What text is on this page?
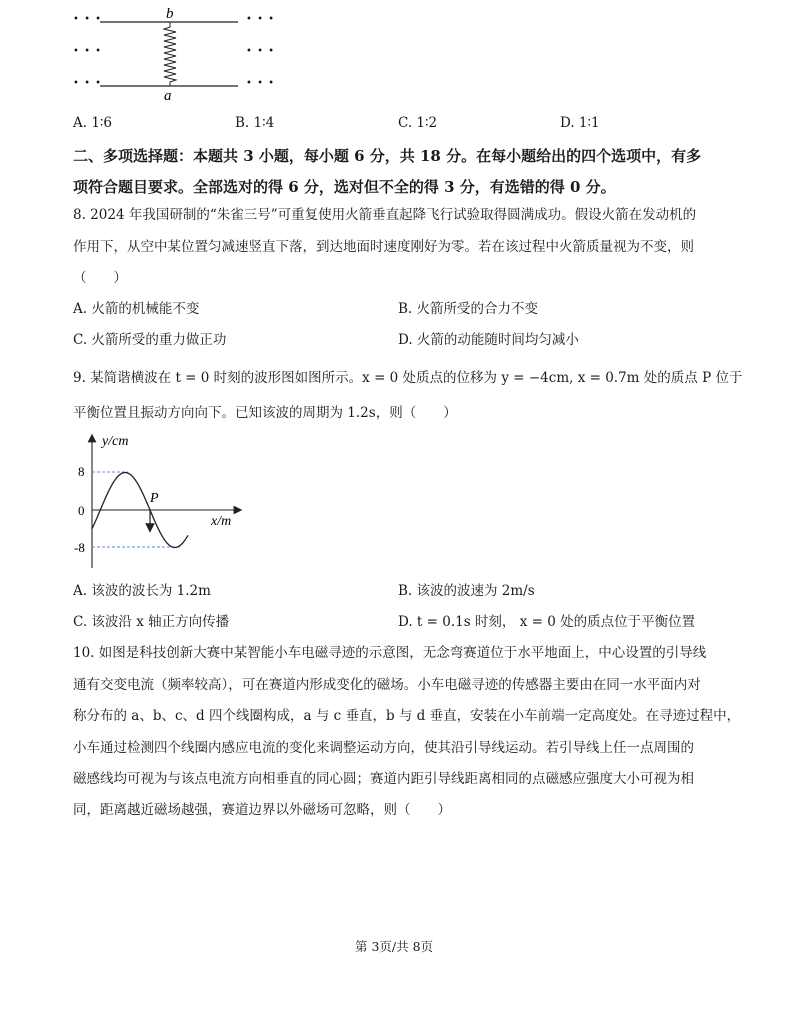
b
a
• • •
• • •
• • •
• • •
• • •
• • •
A. 1∶6	B. 1∶4	C. 1∶2	D. 1∶1
二、多项选择题：本题共 3 小题，每小题 6 分，共 18 分。在每小题给出的四个选项中，有多
项符合题目要求。全部选对的得 6 分，选对但不全的得 3 分，有选错的得 0 分。
8. 2024 年我国研制的“朱雀三号”可重复使用火箭垂直起降飞行试验取得圆满成功。假设火箭在发动机的
作用下，从空中某位置匀减速竖直下落，到达地面时速度刚好为零。若在该过程中火箭质量视为不变，则
（　　）
A. 火箭的机械能不变	B. 火箭所受的合力不变
C. 火箭所受的重力做正功	D. 火箭的动能随时间均匀减小
9. 某简谐横波在 t = 0 时刻的波形图如图所示。x = 0 处质点的位移为 y = −4cm, x = 0.7m 处的质点 P 位于
平衡位置且振动方向向下。已知该波的周期为 1.2s，则（　　）
y/cm
x/m
8
0
-8
P
A. 该波的波长为 1.2m	B. 该波的波速为 2m/s
C. 该波沿 x 轴正方向传播	D. t = 0.1s 时刻， x = 0 处的质点位于平衡位置
10. 如图是科技创新大赛中某智能小车电磁寻迹的示意图，无念弯赛道位于水平地面上，中心设置的引导线
通有交变电流（频率较高），可在赛道内形成变化的磁场。小车电磁寻迹的传感器主要由在同一水平面内对
称分布的 a、b、c、d 四个线圈构成，a 与 c 垂直，b 与 d 垂直，安装在小车前端一定高度处。在寻迹过程中，
小车通过检测四个线圈内感应电流的变化来调整运动方向，使其沿引导线运动。若引导线上任一点周围的
磁感线均可视为与该点电流方向相垂直的同心圆；赛道内距引导线距离相同的点磁感应强度大小可视为相
同，距离越近磁场越强，赛道边界以外磁场可忽略，则（　　）
第 3页/共 8页
